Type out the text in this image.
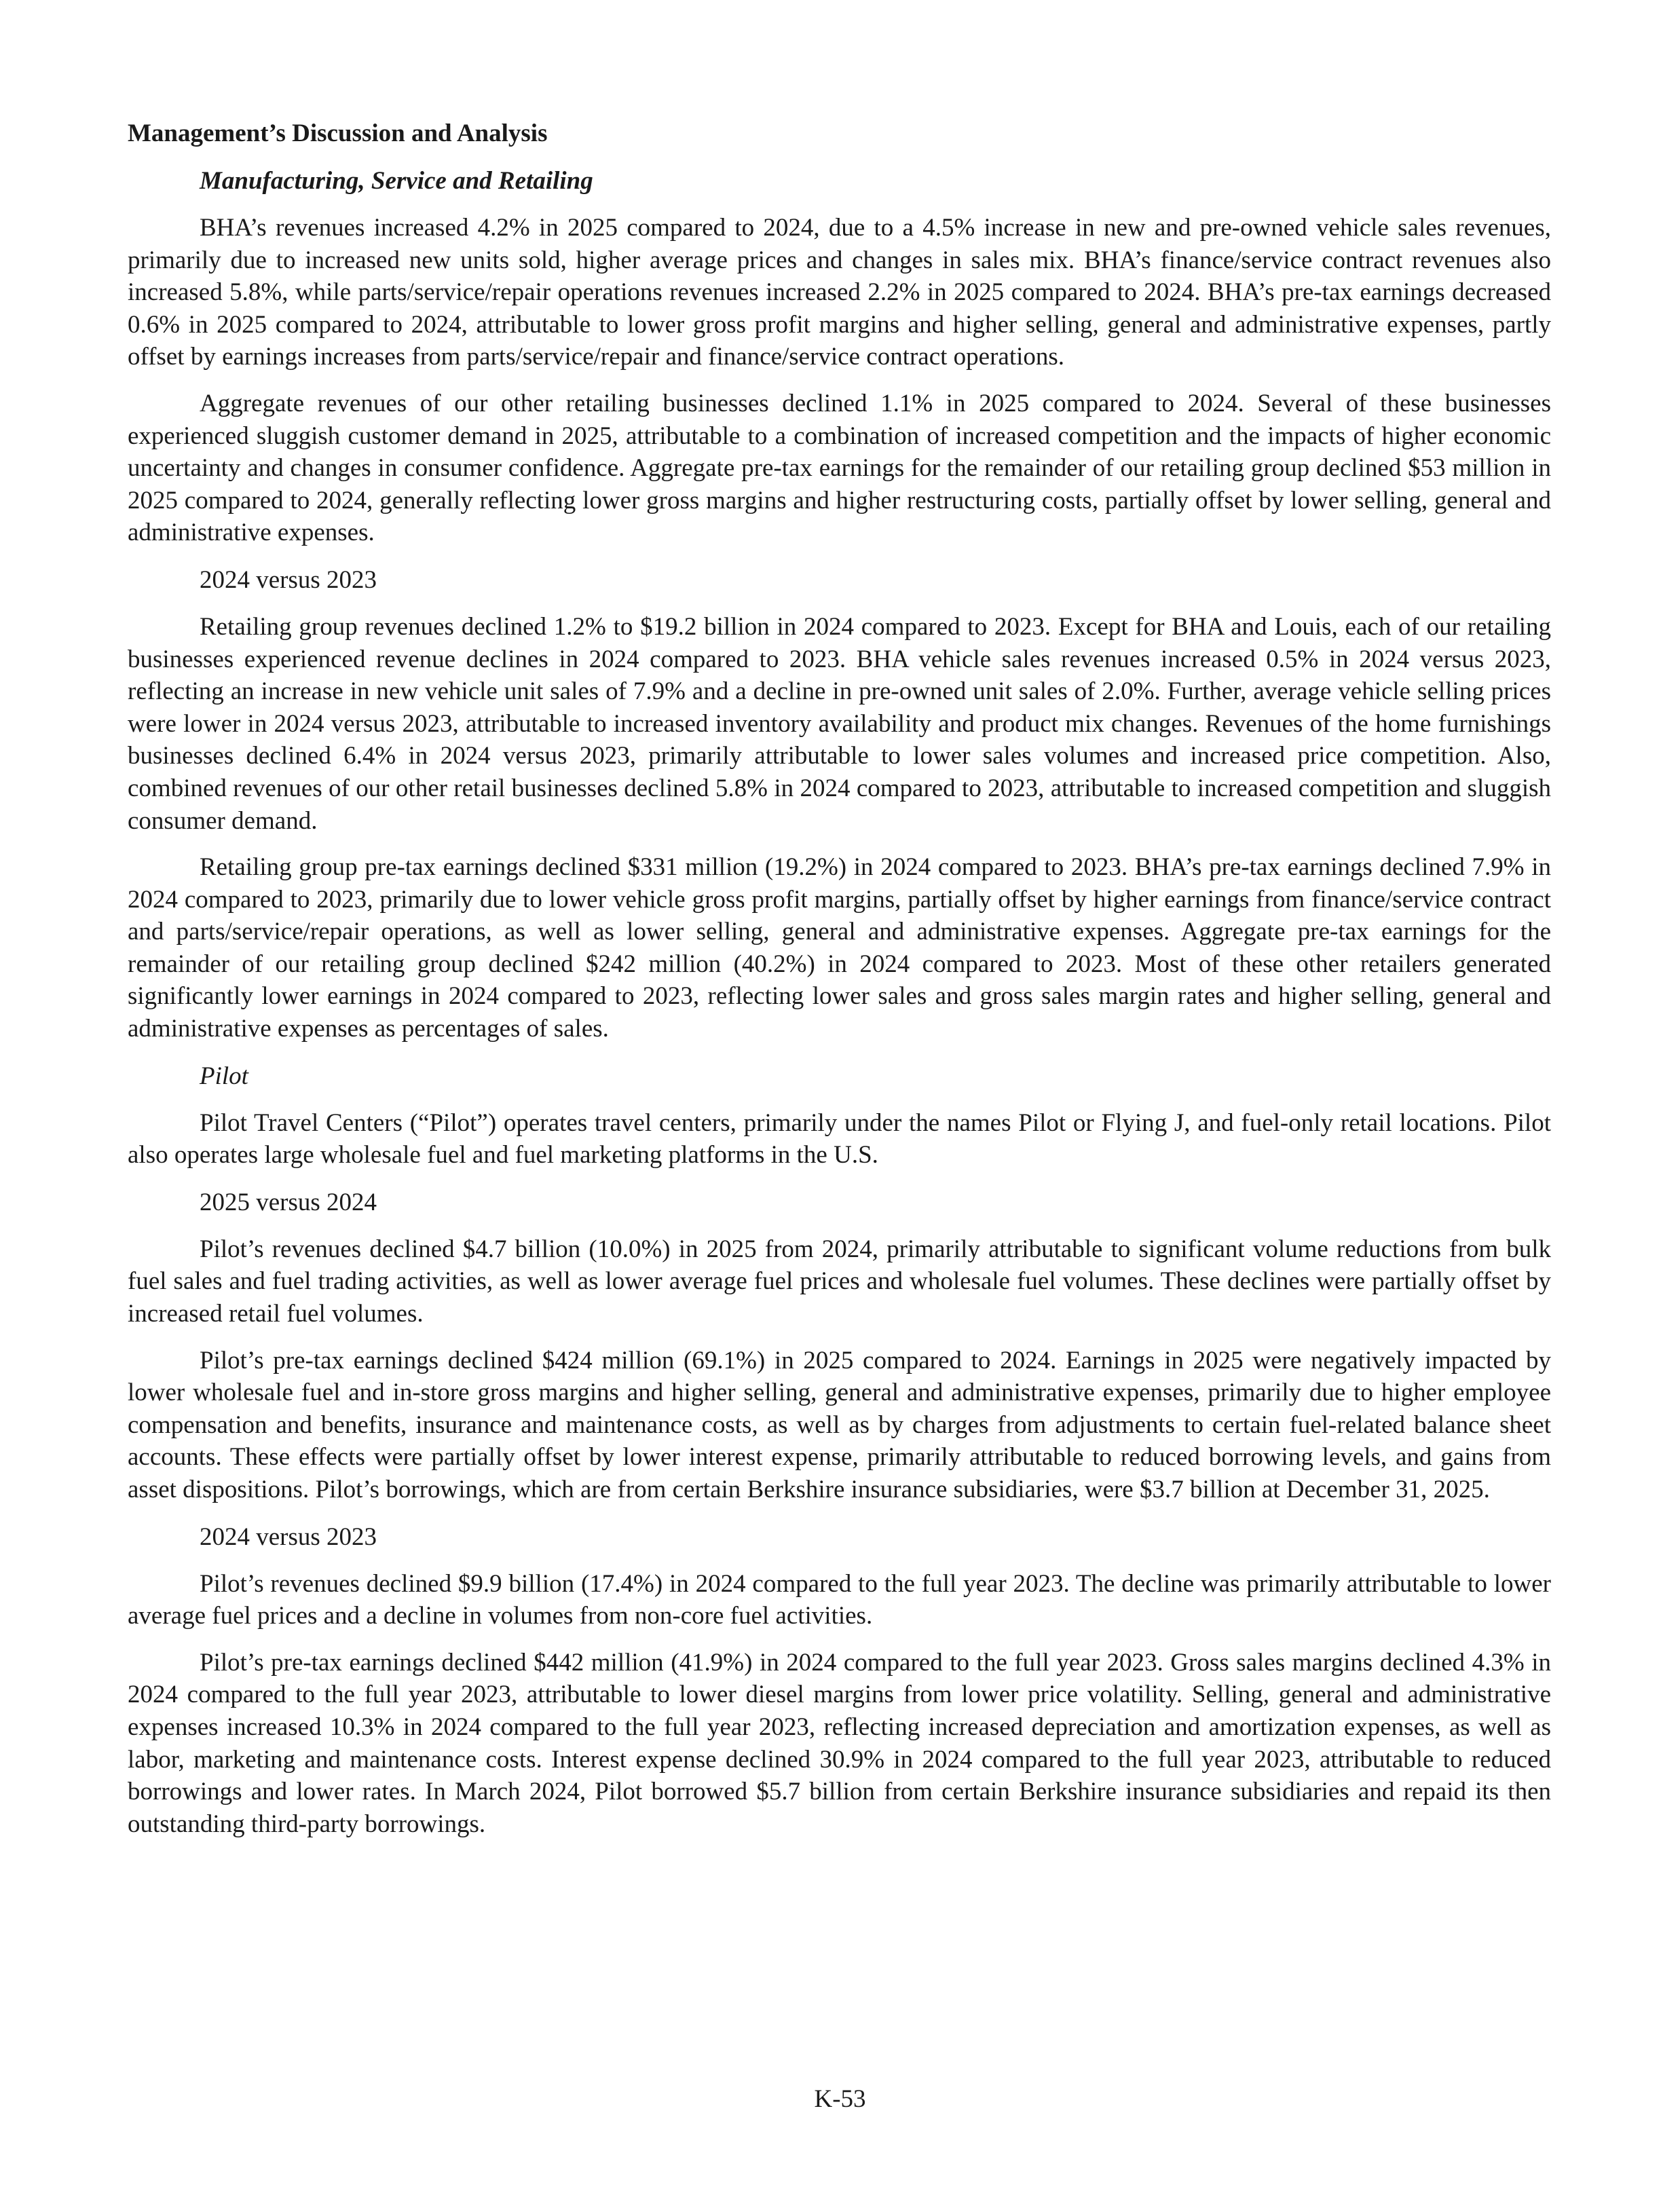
Management’s Discussion and Analysis
Manufacturing, Service and Retailing

BHA’s revenues increased 4.2% in 2025 compared to 2024, due to a 4.5% increase in new and pre-owned vehicle sales revenues, primarily due to increased new units sold, higher average prices and changes in sales mix. BHA’s finance/service contract revenues also increased 5.8%, while parts/service/repair operations revenues increased 2.2% in 2025 compared to 2024. BHA’s pre-tax earnings decreased 0.6% in 2025 compared to 2024, attributable to lower gross profit margins and higher selling, general and administrative expenses, partly offset by earnings increases from parts/service/repair and finance/service contract operations.

Aggregate revenues of our other retailing businesses declined 1.1% in 2025 compared to 2024. Several of these businesses experienced sluggish customer demand in 2025, attributable to a combination of increased competition and the impacts of higher economic uncertainty and changes in consumer confidence. Aggregate pre-tax earnings for the remainder of our retailing group declined $53 million in 2025 compared to 2024, generally reflecting lower gross margins and higher restructuring costs, partially offset by lower selling, general and administrative expenses.

2024 versus 2023

Retailing group revenues declined 1.2% to $19.2 billion in 2024 compared to 2023. Except for BHA and Louis, each of our retailing businesses experienced revenue declines in 2024 compared to 2023. BHA vehicle sales revenues increased 0.5% in 2024 versus 2023, reflecting an increase in new vehicle unit sales of 7.9% and a decline in pre-owned unit sales of 2.0%. Further, average vehicle selling prices were lower in 2024 versus 2023, attributable to increased inventory availability and product mix changes. Revenues of the home furnishings businesses declined 6.4% in 2024 versus 2023, primarily attributable to lower sales volumes and increased price competition. Also, combined revenues of our other retail businesses declined 5.8% in 2024 compared to 2023, attributable to increased competition and sluggish consumer demand.

Retailing group pre-tax earnings declined $331 million (19.2%) in 2024 compared to 2023. BHA’s pre-tax earnings declined 7.9% in 2024 compared to 2023, primarily due to lower vehicle gross profit margins, partially offset by higher earnings from finance/service contract and parts/service/repair operations, as well as lower selling, general and administrative expenses. Aggregate pre-tax earnings for the remainder of our retailing group declined $242 million (40.2%) in 2024 compared to 2023. Most of these other retailers generated significantly lower earnings in 2024 compared to 2023, reflecting lower sales and gross sales margin rates and higher selling, general and administrative expenses as percentages of sales.

Pilot

Pilot Travel Centers (“Pilot”) operates travel centers, primarily under the names Pilot or Flying J, and fuel-only retail locations. Pilot also operates large wholesale fuel and fuel marketing platforms in the U.S.

2025 versus 2024

Pilot’s revenues declined $4.7 billion (10.0%) in 2025 from 2024, primarily attributable to significant volume reductions from bulk fuel sales and fuel trading activities, as well as lower average fuel prices and wholesale fuel volumes. These declines were partially offset by increased retail fuel volumes.

Pilot’s pre-tax earnings declined $424 million (69.1%) in 2025 compared to 2024. Earnings in 2025 were negatively impacted by lower wholesale fuel and in-store gross margins and higher selling, general and administrative expenses, primarily due to higher employee compensation and benefits, insurance and maintenance costs, as well as by charges from adjustments to certain fuel-related balance sheet accounts. These effects were partially offset by lower interest expense, primarily attributable to reduced borrowing levels, and gains from asset dispositions. Pilot’s borrowings, which are from certain Berkshire insurance subsidiaries, were $3.7 billion at December 31, 2025.

2024 versus 2023

Pilot’s revenues declined $9.9 billion (17.4%) in 2024 compared to the full year 2023. The decline was primarily attributable to lower average fuel prices and a decline in volumes from non-core fuel activities.

Pilot’s pre-tax earnings declined $442 million (41.9%) in 2024 compared to the full year 2023. Gross sales margins declined 4.3% in 2024 compared to the full year 2023, attributable to lower diesel margins from lower price volatility. Selling, general and administrative expenses increased 10.3% in 2024 compared to the full year 2023, reflecting increased depreciation and amortization expenses, as well as labor, marketing and maintenance costs. Interest expense declined 30.9% in 2024 compared to the full year 2023, attributable to reduced borrowings and lower rates. In March 2024, Pilot borrowed $5.7 billion from certain Berkshire insurance subsidiaries and repaid its then outstanding third-party borrowings.

K-53
